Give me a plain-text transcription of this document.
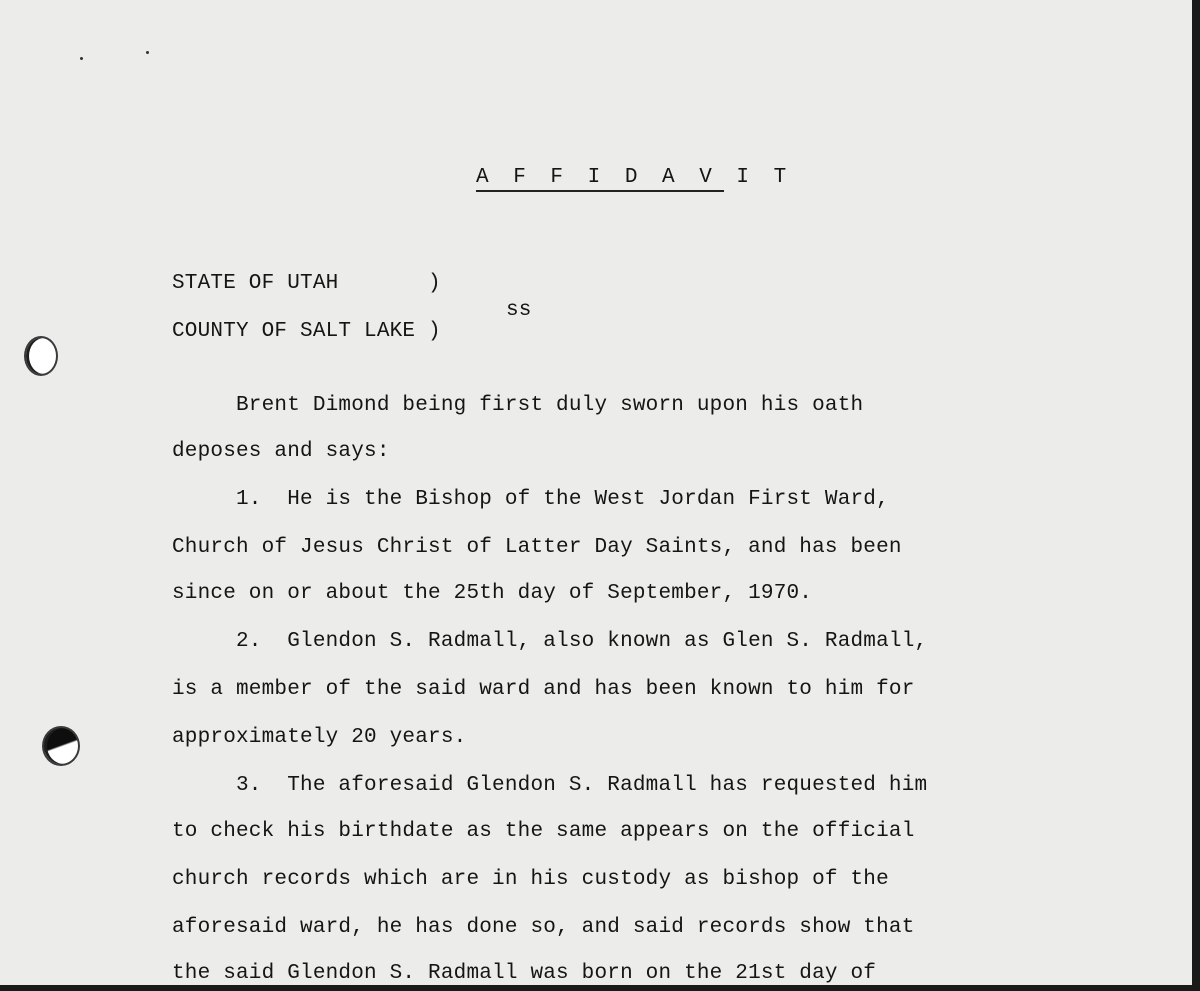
A F F I D A V I T
STATE OF UTAH       )
ss
COUNTY OF SALT LAKE )
Brent Dimond being first duly sworn upon his oath
deposes and says:
1.  He is the Bishop of the West Jordan First Ward,
Church of Jesus Christ of Latter Day Saints, and has been
since on or about the 25th day of September, 1970.
2.  Glendon S. Radmall, also known as Glen S. Radmall,
is a member of the said ward and has been known to him for
approximately 20 years.
3.  The aforesaid Glendon S. Radmall has requested him
to check his birthdate as the same appears on the official
church records which are in his custody as bishop of the
aforesaid ward, he has done so, and said records show that
the said Glendon S. Radmall was born on the 21st day of
